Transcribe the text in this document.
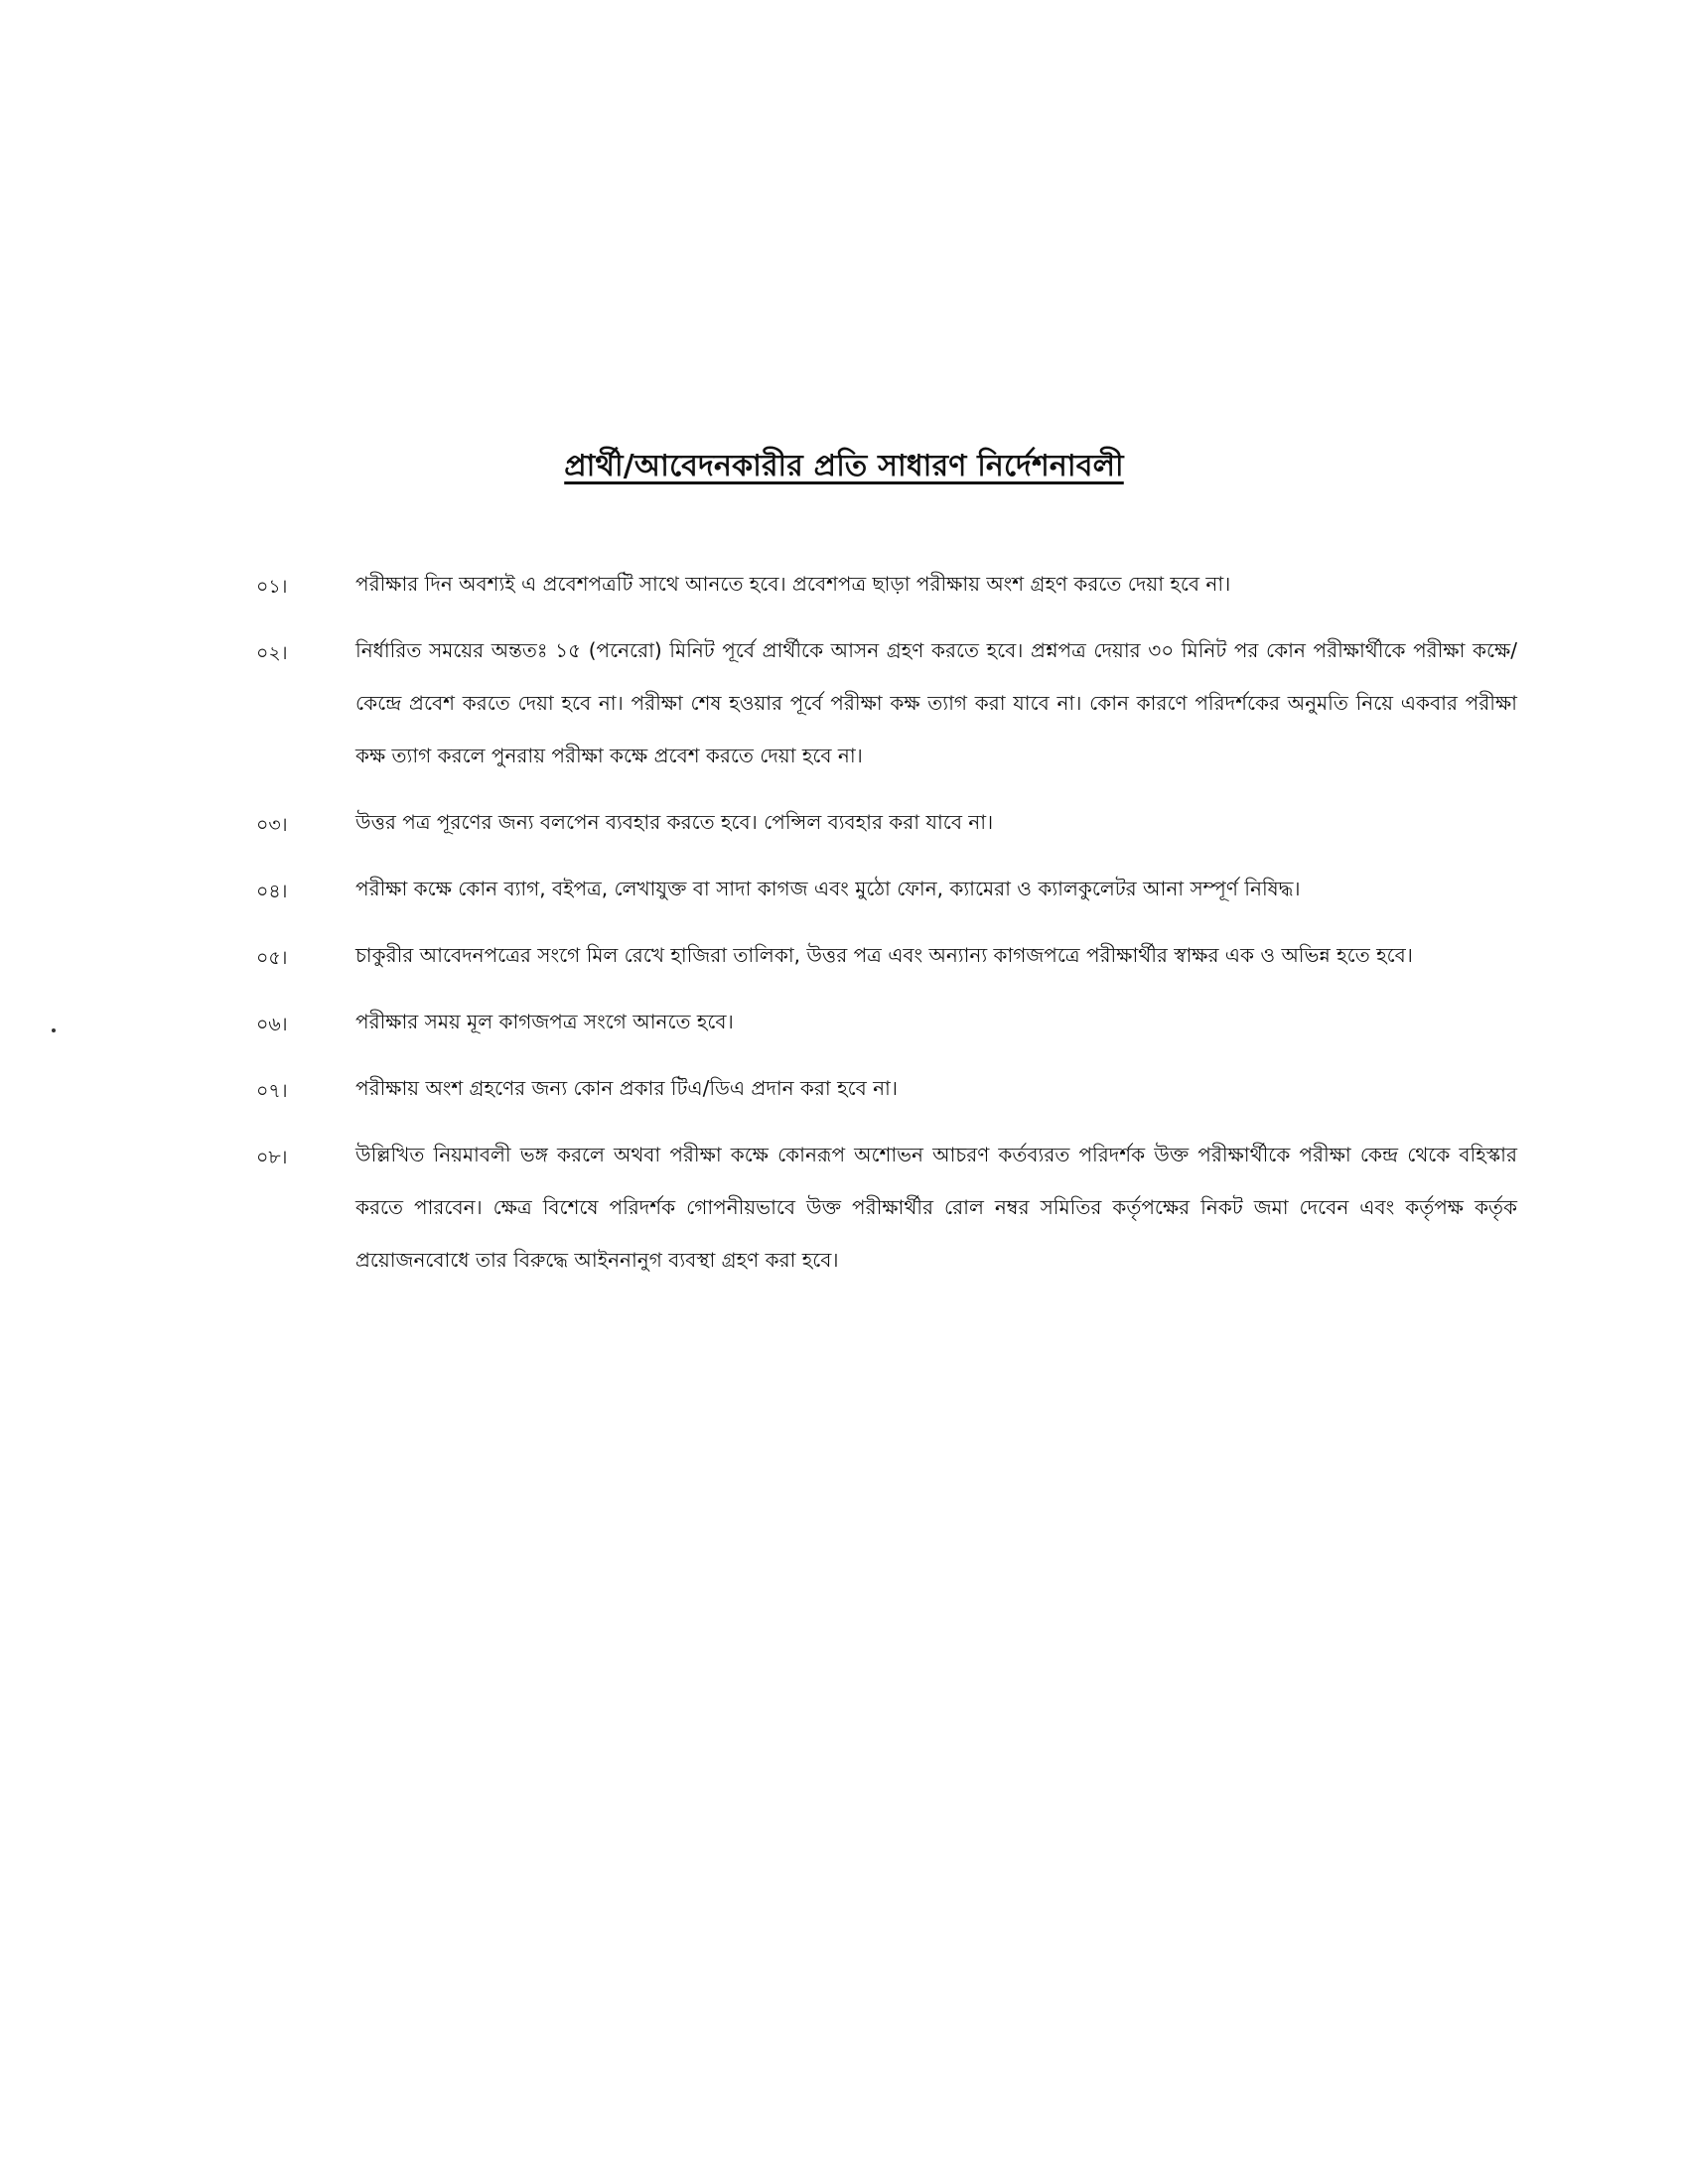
প্রার্থী/আবেদনকারীর প্রতি সাধারণ নির্দেশনাবলী
০১।	পরীক্ষার দিন অবশ্যই এ প্রবেশপত্রটি সাথে আনতে হবে। প্রবেশপত্র ছাড়া পরীক্ষায় অংশ গ্রহণ করতে দেয়া হবে না।
০২।	নির্ধারিত সময়ের অন্ততঃ ১৫ (পনেরো) মিনিট পূর্বে প্রার্থীকে আসন গ্রহণ করতে হবে। প্রশ্নপত্র দেয়ার ৩০ মিনিট পর কোন পরীক্ষার্থীকে পরীক্ষা কক্ষে/কেন্দ্রে প্রবেশ করতে দেয়া হবে না। পরীক্ষা শেষ হওয়ার পূর্বে পরীক্ষা কক্ষ ত্যাগ করা যাবে না। কোন কারণে পরিদর্শকের অনুমতি নিয়ে একবার পরীক্ষা কক্ষ ত্যাগ করলে পুনরায় পরীক্ষা কক্ষে প্রবেশ করতে দেয়া হবে না।
০৩।	উত্তর পত্র পূরণের জন্য বলপেন ব্যবহার করতে হবে। পেন্সিল ব্যবহার করা যাবে না।
০৪।	পরীক্ষা কক্ষে কোন ব্যাগ, বইপত্র, লেখাযুক্ত বা সাদা কাগজ এবং মুঠো ফোন, ক্যামেরা ও ক্যালকুলেটর আনা সম্পূর্ণ নিষিদ্ধ।
০৫।	চাকুরীর আবেদনপত্রের সংগে মিল রেখে হাজিরা তালিকা, উত্তর পত্র এবং অন্যান্য কাগজপত্রে পরীক্ষার্থীর স্বাক্ষর এক ও অভিন্ন হতে হবে।
০৬।	পরীক্ষার সময় মূল কাগজপত্র সংগে আনতে হবে।
০৭।	পরীক্ষায় অংশ গ্রহণের জন্য কোন প্রকার টিএ/ডিএ প্রদান করা হবে না।
০৮।	উল্লিখিত নিয়মাবলী ভঙ্গ করলে অথবা পরীক্ষা কক্ষে কোনরূপ অশোভন আচরণ কর্তব্যরত পরিদর্শক উক্ত পরীক্ষার্থীকে পরীক্ষা কেন্দ্র থেকে বহিস্কার করতে পারবেন। ক্ষেত্র বিশেষে পরিদর্শক গোপনীয়ভাবে উক্ত পরীক্ষার্থীর রোল নম্বর সমিতির কর্তৃপক্ষের নিকট জমা দেবেন এবং কর্তৃপক্ষ কর্তৃক প্রয়োজনবোধে তার বিরুদ্ধে আইননানুগ ব্যবস্থা গ্রহণ করা হবে।
